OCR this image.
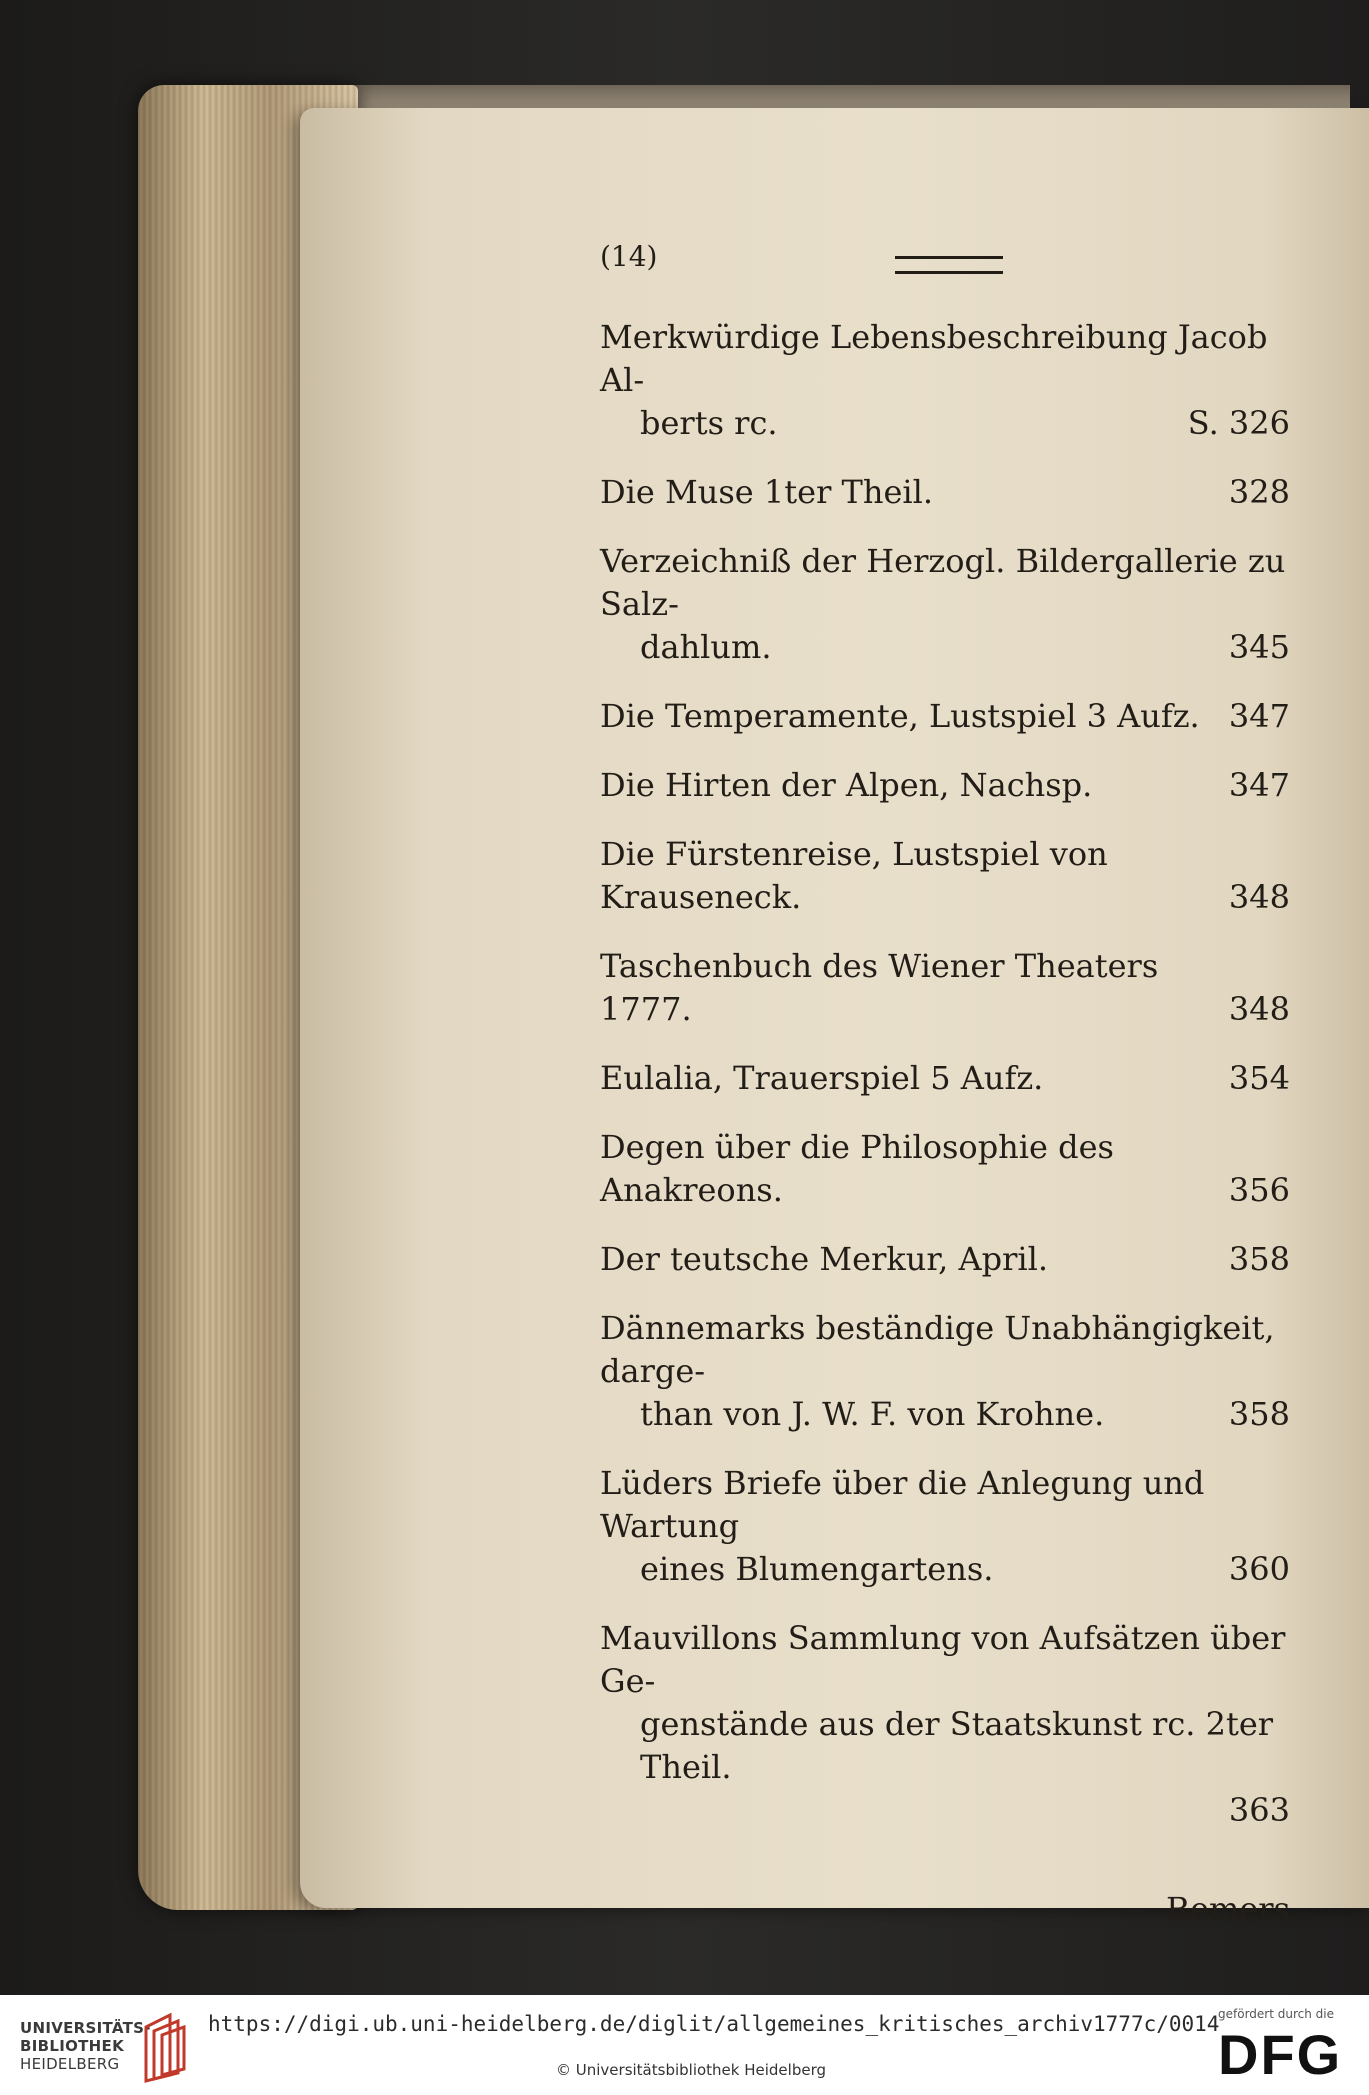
(14)
Merkwürdige Lebensbeschreibung Jacob Al-
berts rc.	S. 326
Die Muse 1ter Theil.	328
Verzeichniß der Herzogl. Bildergallerie zu Salz-
dahlum.	345
Die Temperamente, Lustspiel 3 Aufz. 347
Die Hirten der Alpen, Nachsp.	347
Die Fürstenreise, Lustspiel von Krauseneck.	348
Taschenbuch des Wiener Theaters 1777.	348
Eulalia, Trauerspiel 5 Aufz.	354
Degen über die Philosophie des Anakreons.	356
Der teutsche Merkur, April.	358
Dännemarks beständige Unabhängigkeit, darge-
than von J. W. F. von Krohne.	358
Lüders Briefe über die Anlegung und Wartung
eines Blumengartens.	360
Mauvillons Sammlung von Aufsätzen über Ge-
genstände aus der Staatskunst rc. 2ter Theil.
363
Remers
UNIVERSITÄTS-
BIBLIOTHEK
HEIDELBERG
https://digi.ub.uni-heidelberg.de/diglit/allgemeines_kritisches_archiv1777c/0014
© Universitätsbibliothek Heidelberg
gefördert durch die
DFG
